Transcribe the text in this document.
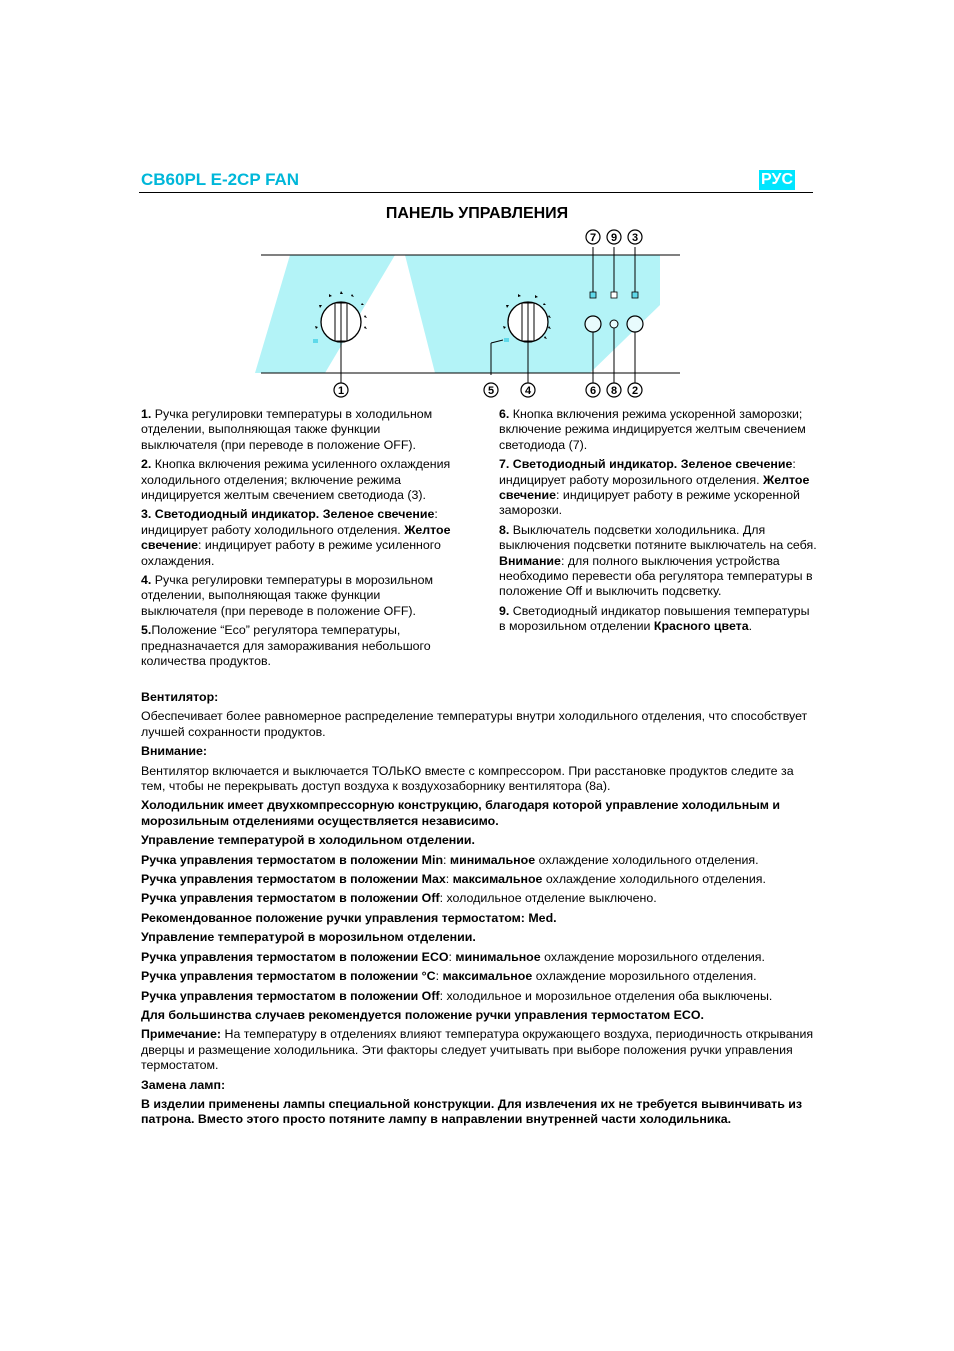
CB60PL E-2CP FAN	РУС
ПАНЕЛЬ УПРАВЛЕНИЯ
7 9 3
1	5	4	6 8 2

1. Ручка регулировки температуры в холодильном отделении, выполняющая также функции выключателя (при переводе в положение OFF).

2. Кнопка включения режима усиленного охлаждения холодильного отделения; включение режима индицируется желтым свечением светодиода (3).

3. Светодиодный индикатор. Зеленое свечение: индицирует работу холодильного отделения. Желтое свечение: индицирует работу в режиме усиленного охлаждения.

4. Ручка регулировки температуры в морозильном отделении, выполняющая также функции выключателя (при переводе в положение OFF).

5.Положение “Eco” регулятора температуры, предназначается для замораживания небольшого количества продуктов.

6. Кнопка включения режима ускоренной заморозки; включение режима индицируется желтым свечением светодиода (7).

7. Светодиодный индикатор. Зеленое свечение: индицирует работу морозильного отделения. Желтое свечение: индицирует работу в режиме ускоренной заморозки.

8. Выключатель подсветки холодильника. Для выключения подсветки потяните выключатель на себя. Внимание: для полного выключения устройства необходимо перевести оба регулятора температуры в положение Off и выключить подсветку.

9. Светодиодный индикатор повышения температуры в морозильном отделении Красного цвета.

Вентилятор:

Обеспечивает более равномерное распределение температуры внутри холодильного отделения, что способствует лучшей сохранности продуктов.

Внимание:

Вентилятор включается и выключается ТОЛЬКО вместе с компрессором. При расстановке продуктов следите за тем, чтобы не перекрывать доступ воздуха к воздухозаборнику вентилятора (8a).

Холодильник имеет двухкомпрессорную конструкцию, благодаря которой управление холодильным и морозильным отделениями осуществляется независимо.

Управление температурой в холодильном отделении.

Ручка управления термостатом в положении Min: минимальное охлаждение холодильного отделения.

Ручка управления термостатом в положении Max: максимальное охлаждение холодильного отделения.

Ручка управления термостатом в положении Off: холодильное отделение выключено.

Рекомендованное положение ручки управления термостатом: Med.

Управление температурой в морозильном отделении.

Ручка управления термостатом в положении ECO: минимальное охлаждение морозильного отделения.

Ручка управления термостатом в положении °C: максимальное охлаждение морозильного отделения.

Ручка управления термостатом в положении Off: холодильное и морозильное отделения оба выключены.

Для большинства случаев рекомендуется положение ручки управления термостатом ECO.

Примечание: На температуру в отделениях влияют температура окружающего воздуха, периодичность открывания дверцы и размещение холодильника. Эти факторы следует учитывать при выборе положения ручки управления термостатом.

Замена ламп:

В изделии применены лампы специальной конструкции. Для извлечения их не требуется вывинчивать из патрона. Вместо этого просто потяните лампу в направлении внутренней части холодильника.
